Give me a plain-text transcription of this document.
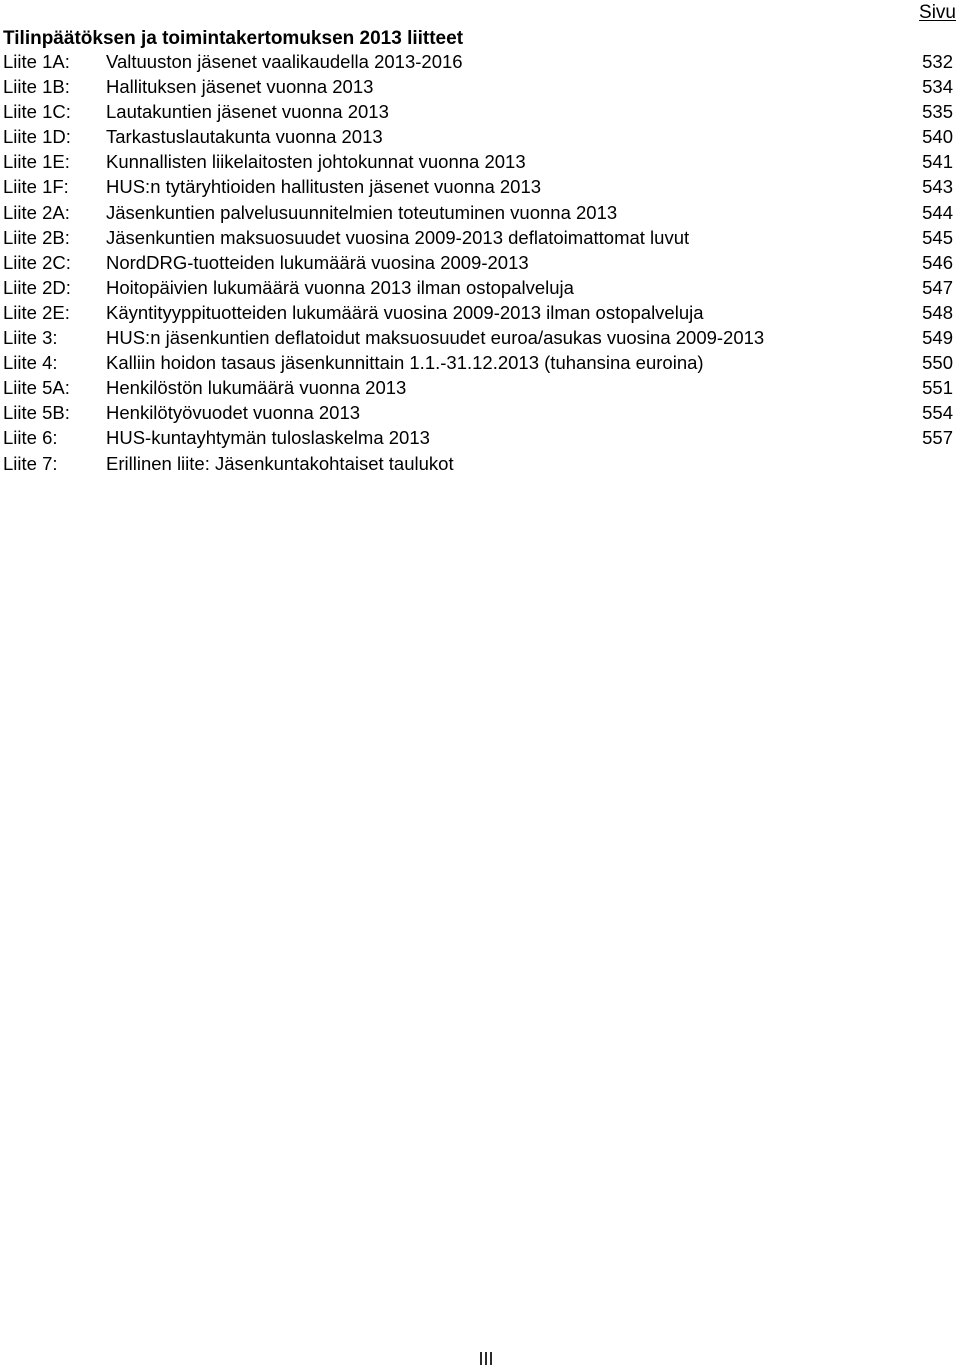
Sivu
Tilinpäätöksen ja toimintakertomuksen 2013 liitteet
Liite 1A: Valtuuston jäsenet vaalikaudella 2013-2016	532
Liite 1B: Hallituksen jäsenet vuonna 2013	534
Liite 1C: Lautakuntien jäsenet vuonna 2013	535
Liite 1D: Tarkastuslautakunta vuonna 2013	540
Liite 1E: Kunnallisten liikelaitosten johtokunnat vuonna 2013	541
Liite 1F: HUS:n tytäryhtioiden hallitusten jäsenet vuonna 2013	543
Liite 2A: Jäsenkuntien palvelusuunnitelmien toteutuminen vuonna 2013	544
Liite 2B: Jäsenkuntien maksuosuudet vuosina 2009-2013 deflatoimattomat luvut	545
Liite 2C: NordDRG-tuotteiden lukumäärä vuosina 2009-2013	546
Liite 2D: Hoitopäivien lukumäärä vuonna 2013 ilman ostopalveluja	547
Liite 2E: Käyntityyppituotteiden lukumäärä vuosina 2009-2013 ilman ostopalveluja	548
Liite 3:	HUS:n jäsenkuntien deflatoidut maksuosuudet euroa/asukas vuosina 2009-2013	549
Liite 4:	Kalliin hoidon tasaus jäsenkunnittain 1.1.-31.12.2013 (tuhansina euroina)	550
Liite 5A: Henkilöstön lukumäärä vuonna 2013	551
Liite 5B: Henkilötyövuodet vuonna 2013	554
Liite 6:	HUS-kuntayhtymän tuloslaskelma 2013	557
Liite 7:	Erillinen liite: Jäsenkuntakohtaiset taulukot
III
